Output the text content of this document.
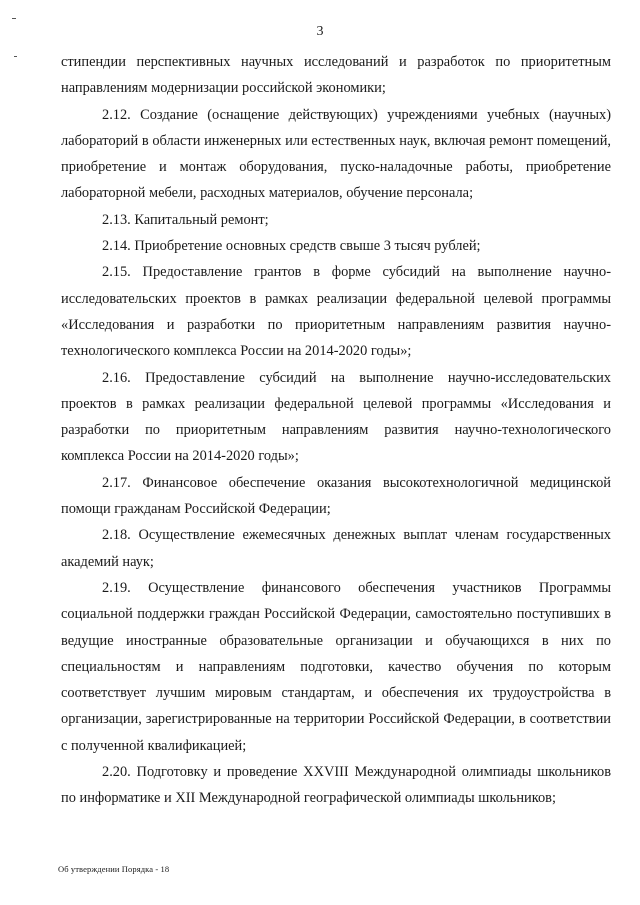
3

стипендии перспективных научных исследований и разработок по приоритетным направлениям модернизации российской экономики;

2.12. Создание (оснащение действующих) учреждениями учебных (научных) лабораторий в области инженерных или естественных наук, включая ремонт помещений, приобретение и монтаж оборудования, пуско-наладочные работы, приобретение лабораторной мебели, расходных материалов, обучение персонала;

2.13. Капитальный ремонт;

2.14. Приобретение основных средств свыше 3 тысяч рублей;

2.15. Предоставление грантов в форме субсидий на выполнение научно-исследовательских проектов в рамках реализации федеральной целевой программы «Исследования и разработки по приоритетным направлениям развития научно-технологического комплекса России на 2014-2020 годы»;

2.16. Предоставление субсидий на выполнение научно-исследовательских проектов в рамках реализации федеральной целевой программы «Исследования и разработки по приоритетным направлениям развития научно-технологического комплекса России на 2014-2020 годы»;

2.17. Финансовое обеспечение оказания высокотехнологичной медицинской помощи гражданам Российской Федерации;

2.18. Осуществление ежемесячных денежных выплат членам государственных академий наук;

2.19. Осуществление финансового обеспечения участников Программы социальной поддержки граждан Российской Федерации, самостоятельно поступивших в ведущие иностранные образовательные организации и обучающихся в них по специальностям и направлениям подготовки, качество обучения по которым соответствует лучшим мировым стандартам, и обеспечения их трудоустройства в организации, зарегистрированные на территории Российской Федерации, в соответствии с полученной квалификацией;

2.20. Подготовку и проведение XXVIII Международной олимпиады школьников по информатике и XII Международной географической олимпиады школьников;

Об утверждении Порядка - 18
